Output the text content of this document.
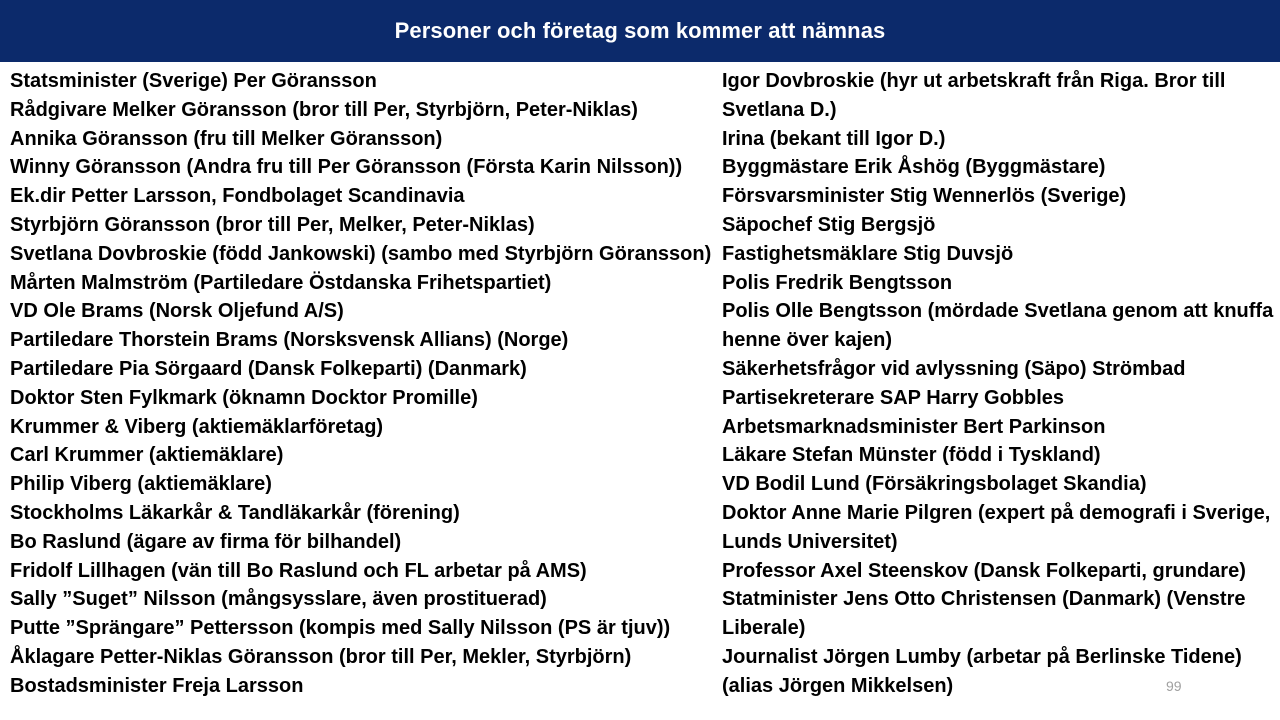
Personer och företag som kommer att nämnas
Statsminister (Sverige) Per Göransson
Rådgivare Melker Göransson (bror till Per, Styrbjörn, Peter-Niklas)
Annika Göransson (fru till Melker Göransson)
Winny Göransson (Andra fru till Per Göransson (Första Karin Nilsson))
Ek.dir Petter Larsson, Fondbolaget Scandinavia
Styrbjörn Göransson (bror till Per, Melker, Peter-Niklas)
Svetlana Dovbroskie (född Jankowski) (sambo med Styrbjörn Göransson)
Mårten Malmström (Partiledare Östdanska Frihetspartiet)
VD Ole Brams (Norsk Oljefund A/S)
Partiledare Thorstein Brams (Norsksvensk Allians) (Norge)
Partiledare Pia Sörgaard (Dansk Folkeparti) (Danmark)
Doktor Sten Fylkmark (öknamn Docktor Promille)
Krummer & Viberg (aktiemäklarföretag)
Carl Krummer (aktiemäklare)
Philip Viberg (aktiemäklare)
Stockholms Läkarkår & Tandläkarkår (förening)
Bo Raslund (ägare av firma för bilhandel)
Fridolf Lillhagen (vän till Bo Raslund och FL arbetar på AMS)
Sally ”Suget” Nilsson (mångsysslare, även prostituerad)
Putte ”Sprängare” Pettersson (kompis med Sally Nilsson (PS är tjuv))
Åklagare Petter-Niklas Göransson (bror till Per, Mekler, Styrbjörn)
Bostadsminister Freja Larsson
Igor Dovbroskie (hyr ut arbetskraft från Riga. Bror till Svetlana D.)
Irina (bekant till Igor D.)
Byggmästare Erik Åshög (Byggmästare)
Försvarsminister Stig Wennerlös (Sverige)
Säpochef Stig Bergsjö
Fastighetsmäklare Stig Duvsjö
Polis Fredrik Bengtsson
Polis Olle Bengtsson (mördade Svetlana genom att knuffa henne över kajen)
Säkerhetsfrågor vid avlyssning (Säpo) Strömbad
Partisekreterare SAP Harry Gobbles
Arbetsmarknadsminister Bert Parkinson
Läkare Stefan Münster (född i Tyskland)
VD Bodil Lund (Försäkringsbolaget Skandia)
Doktor Anne Marie Pilgren (expert på demografi i Sverige, Lunds Universitet)
Professor Axel Steenskov (Dansk Folkeparti, grundare)
Statminister Jens Otto Christensen (Danmark) (Venstre Liberale)
Journalist Jörgen Lumby (arbetar på Berlinske Tidene) (alias Jörgen Mikkelsen)	99
